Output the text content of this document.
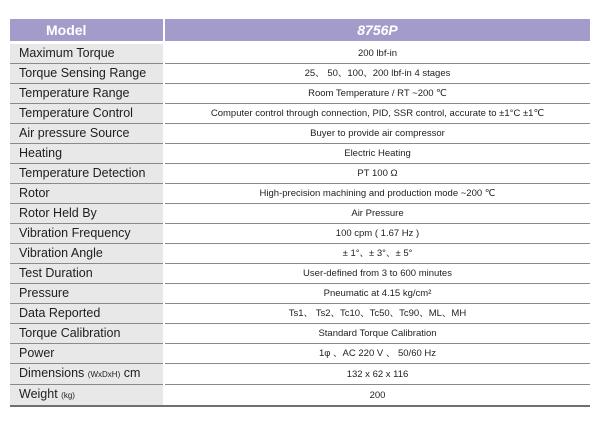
Model	8756P
Maximum Torque	200 lbf-in
Torque Sensing Range	25、 50、100、200 lbf-in 4 stages
Temperature Range	Room Temperature / RT ~200 ℃
Temperature Control	Computer control through connection, PID, SSR control, accurate to ±1°C ±1℃
Air pressure Source	Buyer to provide air compressor
Heating	Electric Heating
Temperature Detection	PT 100 Ω
Rotor	High-precision machining and production mode ~200 ℃
Rotor Held By	Air Pressure
Vibration Frequency	100 cpm ( 1.67 Hz )
Vibration Angle	± 1°、± 3°、± 5°
Test Duration	User-defined from 3 to 600 minutes
Pressure	Pneumatic at 4.15 kg/cm²
Data Reported	Ts1、 Ts2、Tc10、Tc50、Tc90、ML、MH
Torque Calibration	Standard Torque Calibration
Power	1φ 、AC 220 V 、 50/60 Hz
Dimensions (WxDxH) cm	132 x 62 x 116
Weight (kg)	200
